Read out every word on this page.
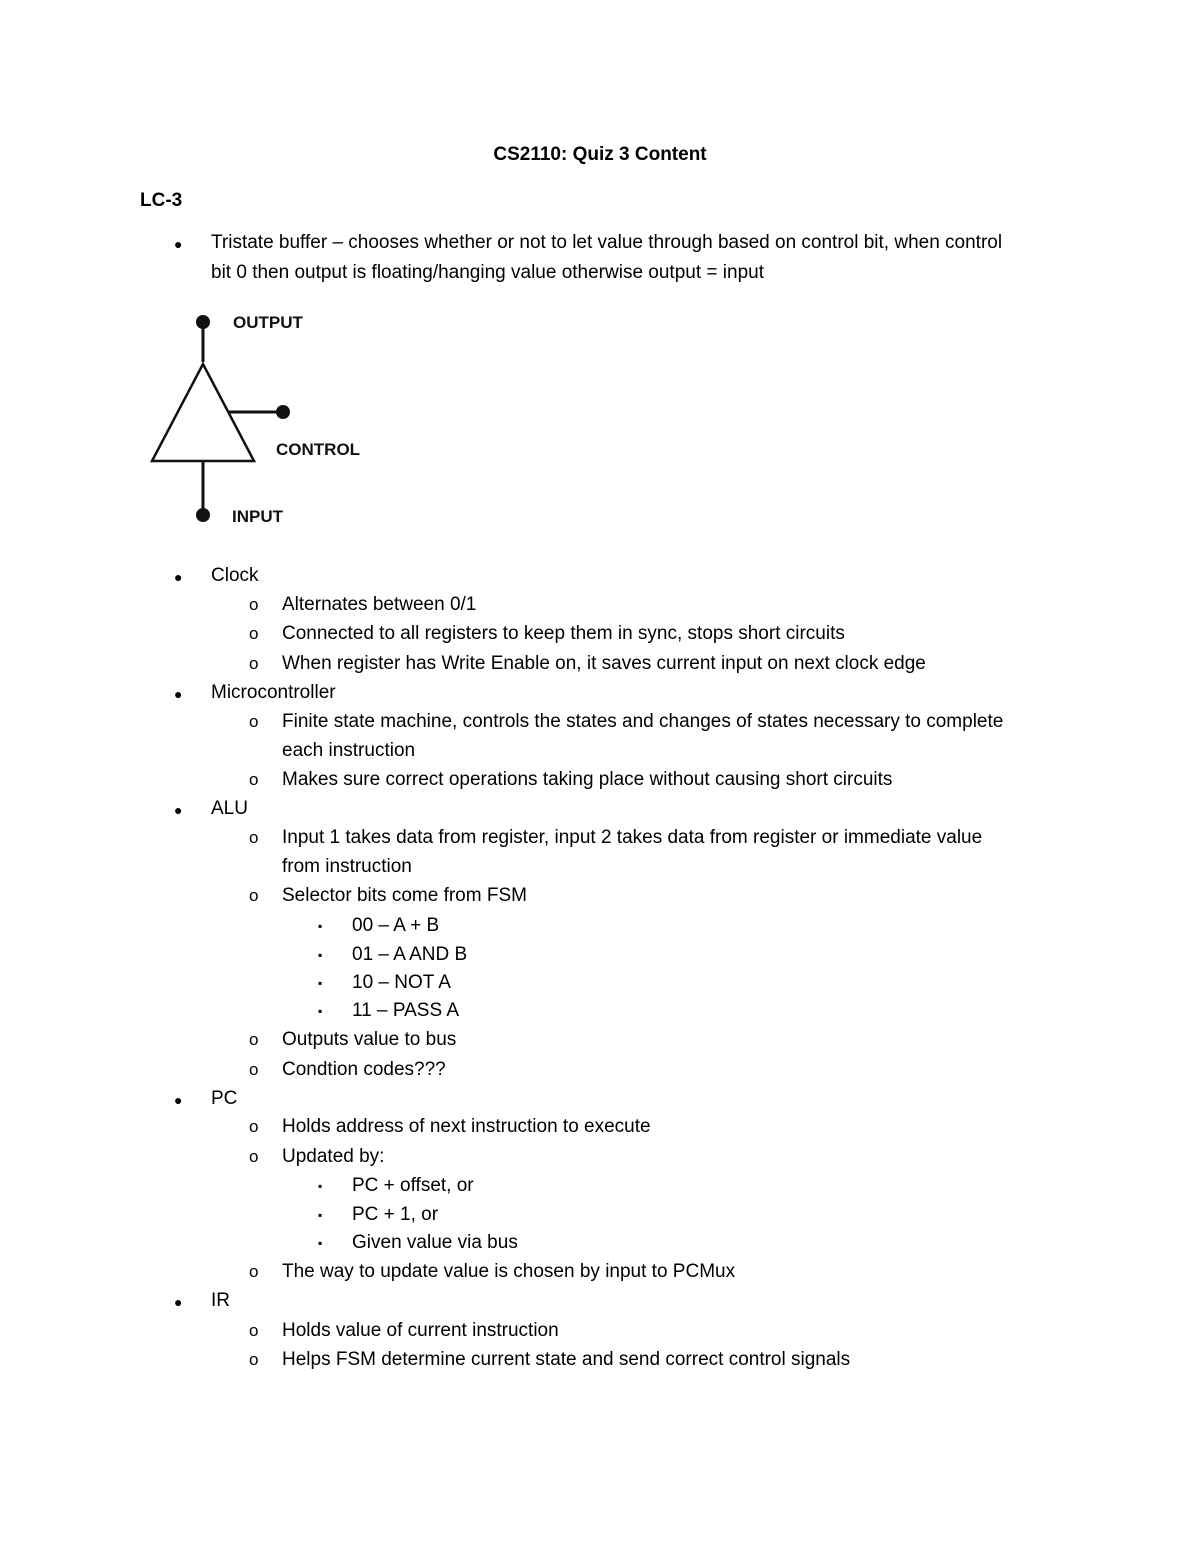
CS2110: Quiz 3 Content
LC-3
● Tristate buffer – chooses whether or not to let value through based on control bit, when control
bit 0 then output is floating/hanging value otherwise output = input
OUTPUT
CONTROL
INPUT
● Clock
o Alternates between 0/1
o Connected to all registers to keep them in sync, stops short circuits
o When register has Write Enable on, it saves current input on next clock edge
● Microcontroller
o Finite state machine, controls the states and changes of states necessary to complete
each instruction
o Makes sure correct operations taking place without causing short circuits
● ALU
o Input 1 takes data from register, input 2 takes data from register or immediate value
from instruction
o Selector bits come from FSM
▪ 00 – A + B
▪ 01 – A AND B
▪ 10 – NOT A
▪ 11 – PASS A
o Outputs value to bus
o Condtion codes???
● PC
o Holds address of next instruction to execute
o Updated by:
▪ PC + offset, or
▪ PC + 1, or
▪ Given value via bus
o The way to update value is chosen by input to PCMux
● IR
o Holds value of current instruction
o Helps FSM determine current state and send correct control signals
